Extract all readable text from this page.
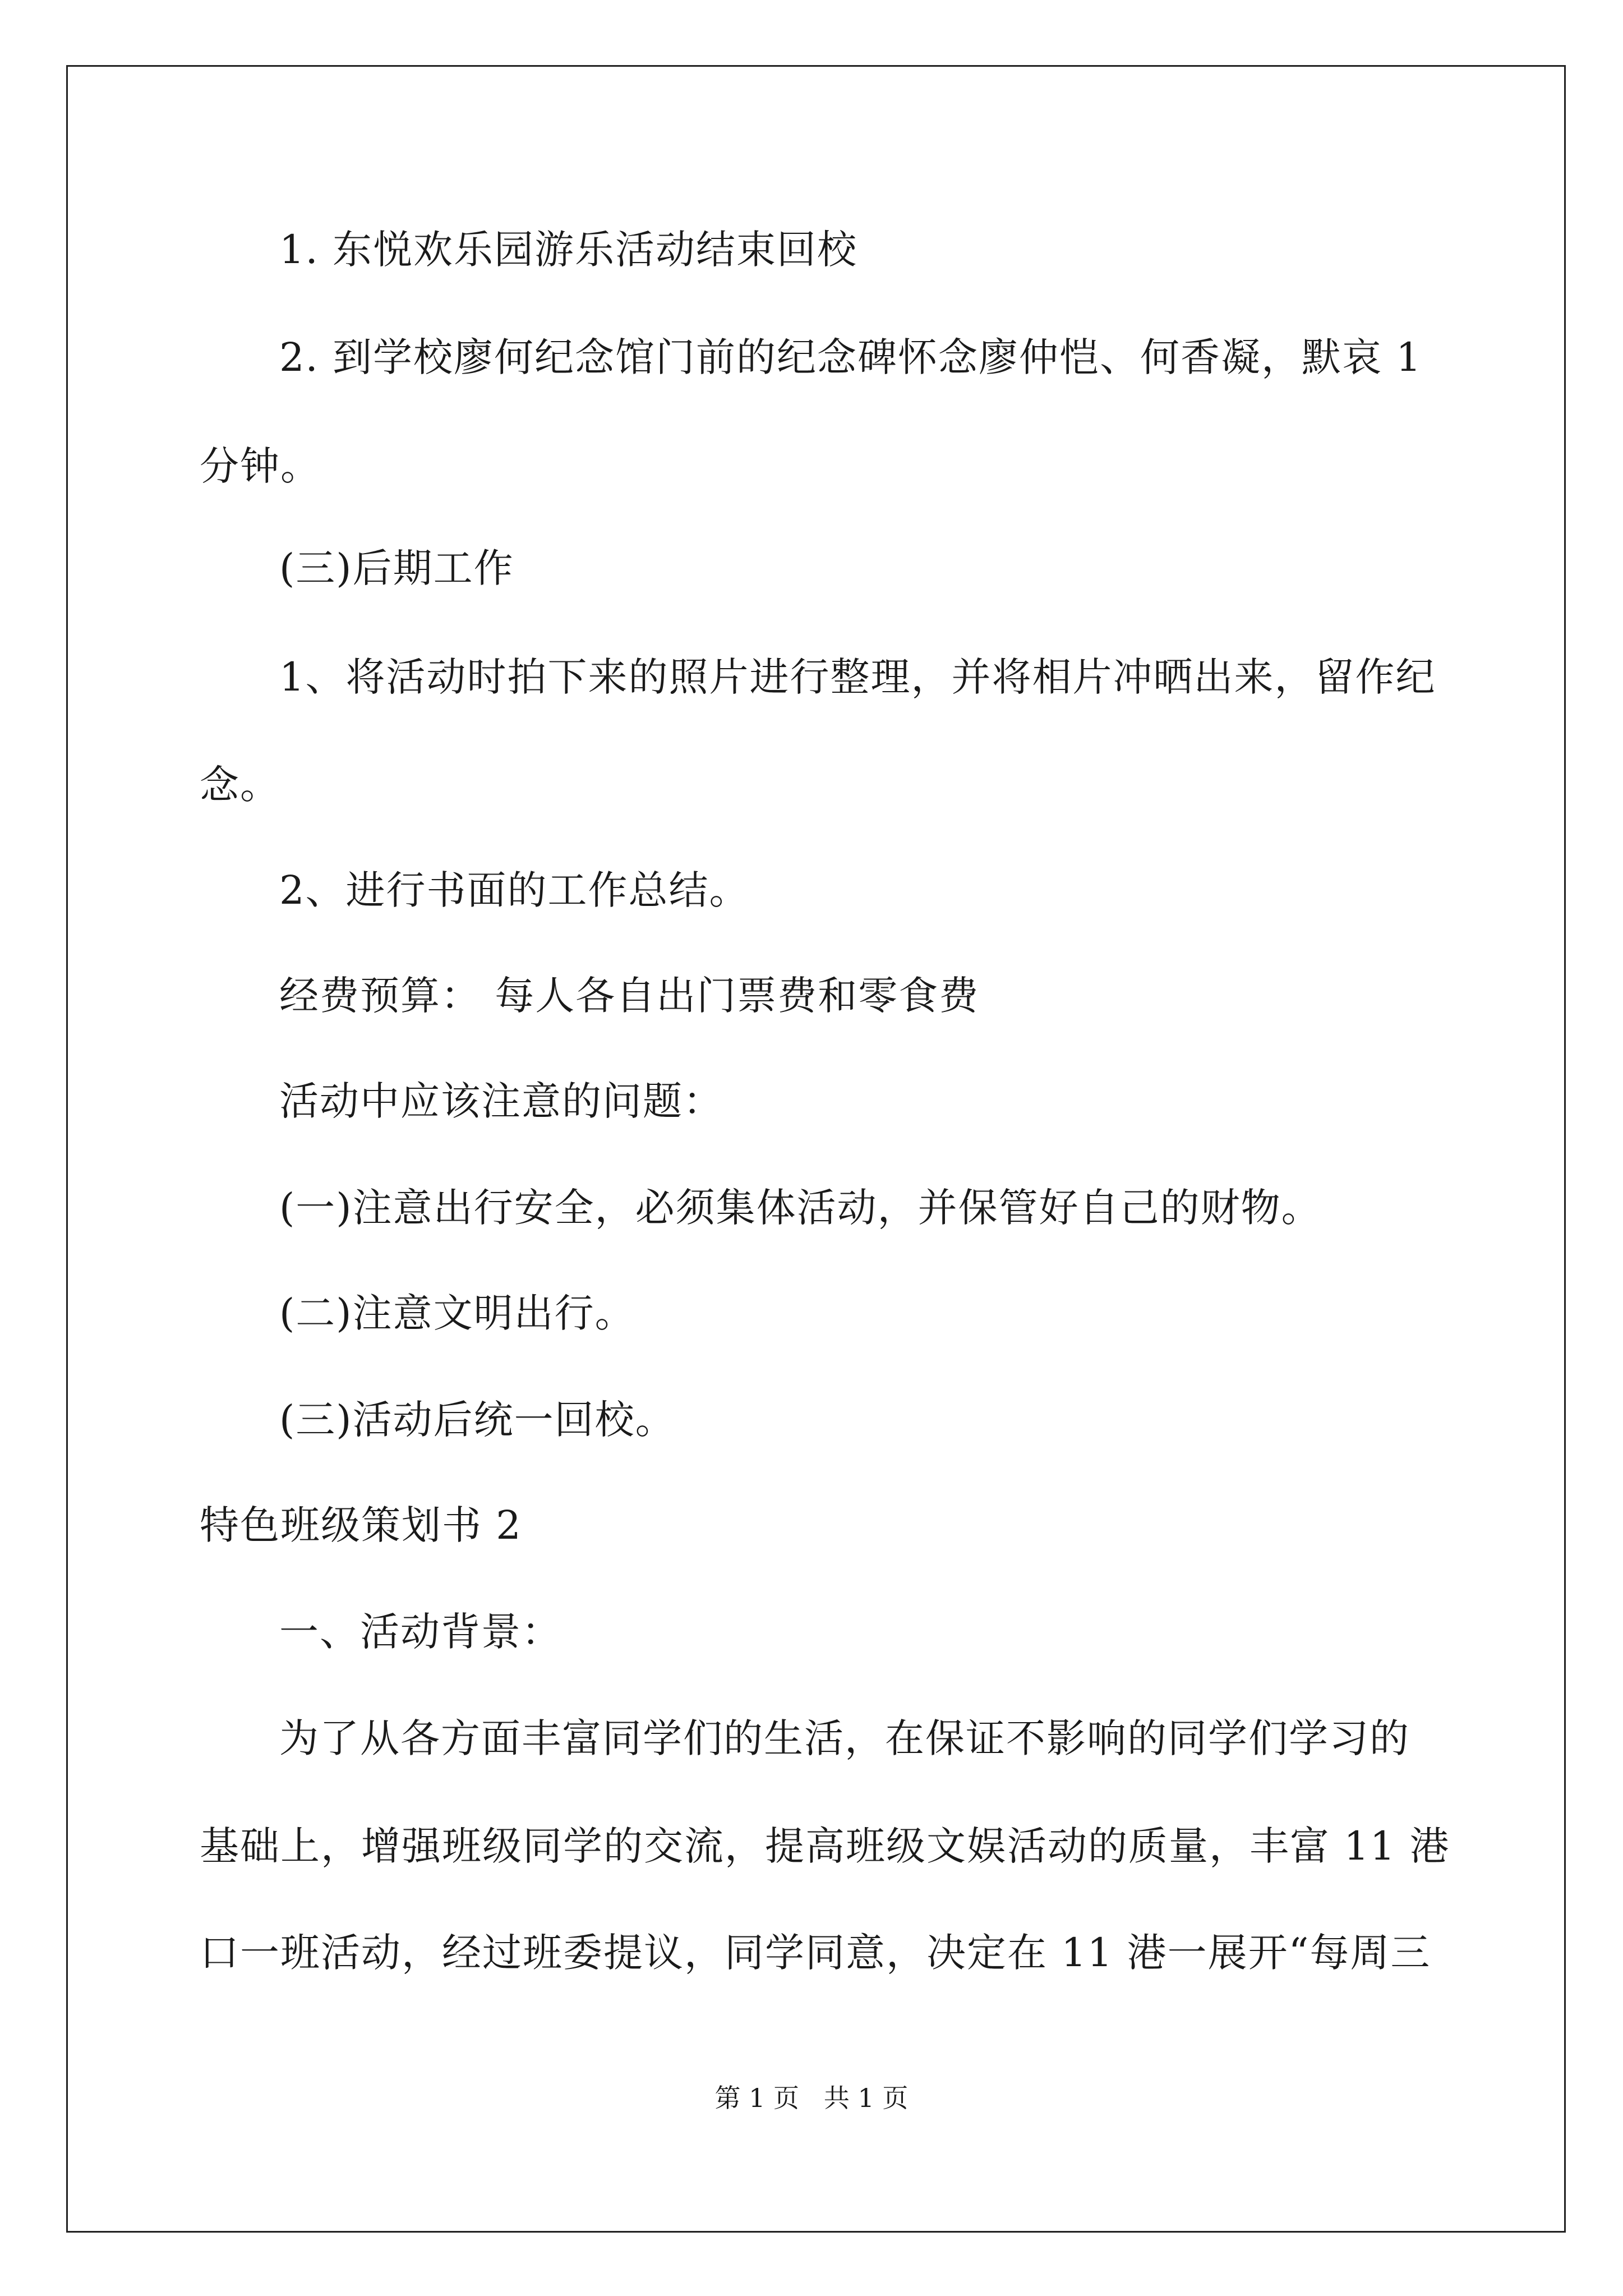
1. 东悦欢乐园游乐活动结束回校
2. 到学校廖何纪念馆门前的纪念碑怀念廖仲恺、何香凝，默哀 1
分钟。
(三)后期工作
1、将活动时拍下来的照片进行整理，并将相片冲晒出来，留作纪
念。
2、进行书面的工作总结。
经费预算： 每人各自出门票费和零食费
活动中应该注意的问题：
(一)注意出行安全，必须集体活动，并保管好自己的财物。
(二)注意文明出行。
(三)活动后统一回校。
特色班级策划书 2
一、活动背景：
为了从各方面丰富同学们的生活，在保证不影响的同学们学习的
基础上，增强班级同学的交流，提高班级文娱活动的质量，丰富 11 港
口一班活动，经过班委提议，同学同意，决定在 11 港一展开“每周三
第 1 页   共 1 页
